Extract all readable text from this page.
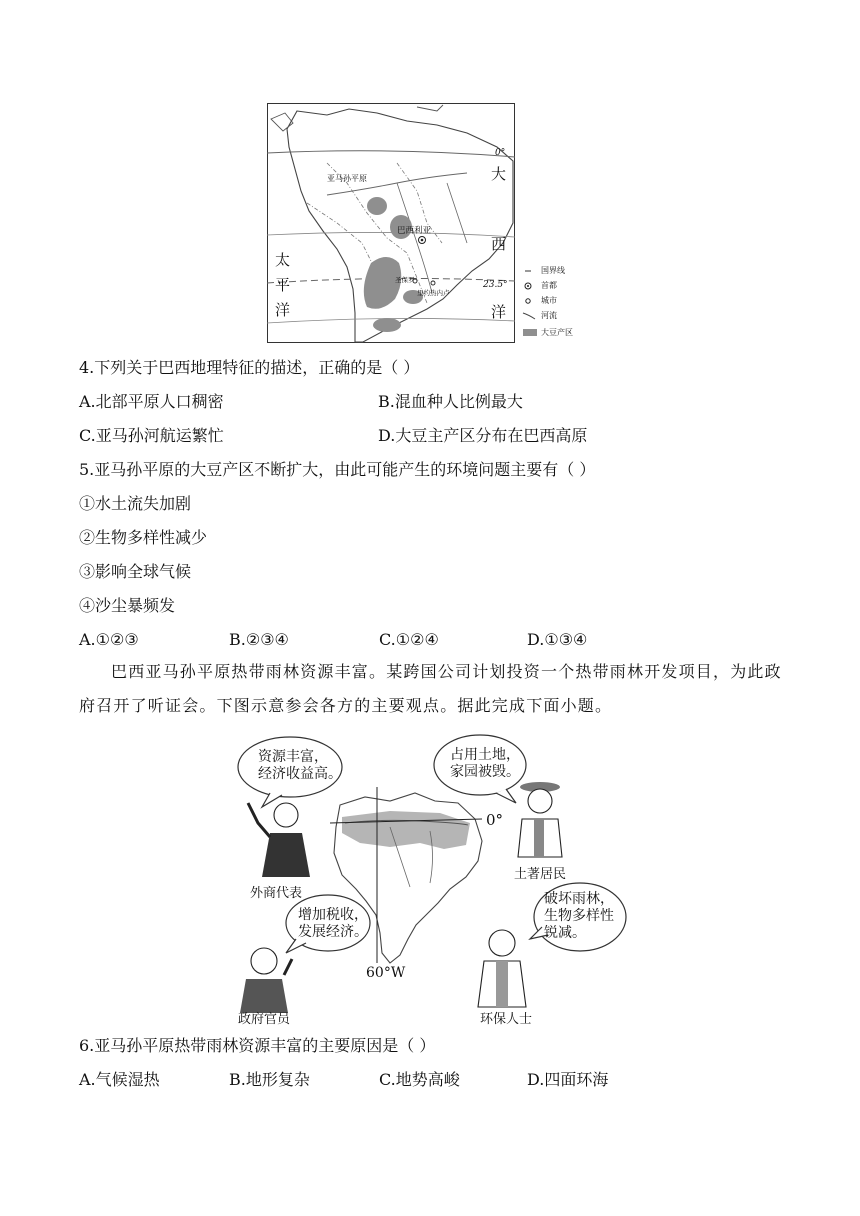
亚马孙平原
巴西利亚
0°
23.5°
圣保罗
里约热内卢
大
西
洋
太
平
洋
国界线
首都
城市
河流
大豆产区
4.下列关于巴西地理特征的描述，正确的是（ ）
A.北部平原人口稠密	B.混血种人比例最大
C.亚马孙河航运繁忙	D.大豆主产区分布在巴西高原
5.亚马孙平原的大豆产区不断扩大，由此可能产生的环境问题主要有（ ）
①水土流失加剧
②生物多样性减少
③影响全球气候
④沙尘暴频发
A.①②③	B.②③④	C.①②④	D.①③④
巴西亚马孙平原热带雨林资源丰富。某跨国公司计划投资一个热带雨林开发项目，为此政府召开了听证会。下图示意参会各方的主要观点。据此完成下面小题。
资源丰富，
经济收益高。
占用土地，
家园被毁。
增加税收，
发展经济。
破坏雨林，
生物多样性
锐减。
外商代表
土著居民
政府官员	环保人士
0°
60°W
6.亚马孙平原热带雨林资源丰富的主要原因是（ ）
A.气候湿热	B.地形复杂	C.地势高峻	D.四面环海
